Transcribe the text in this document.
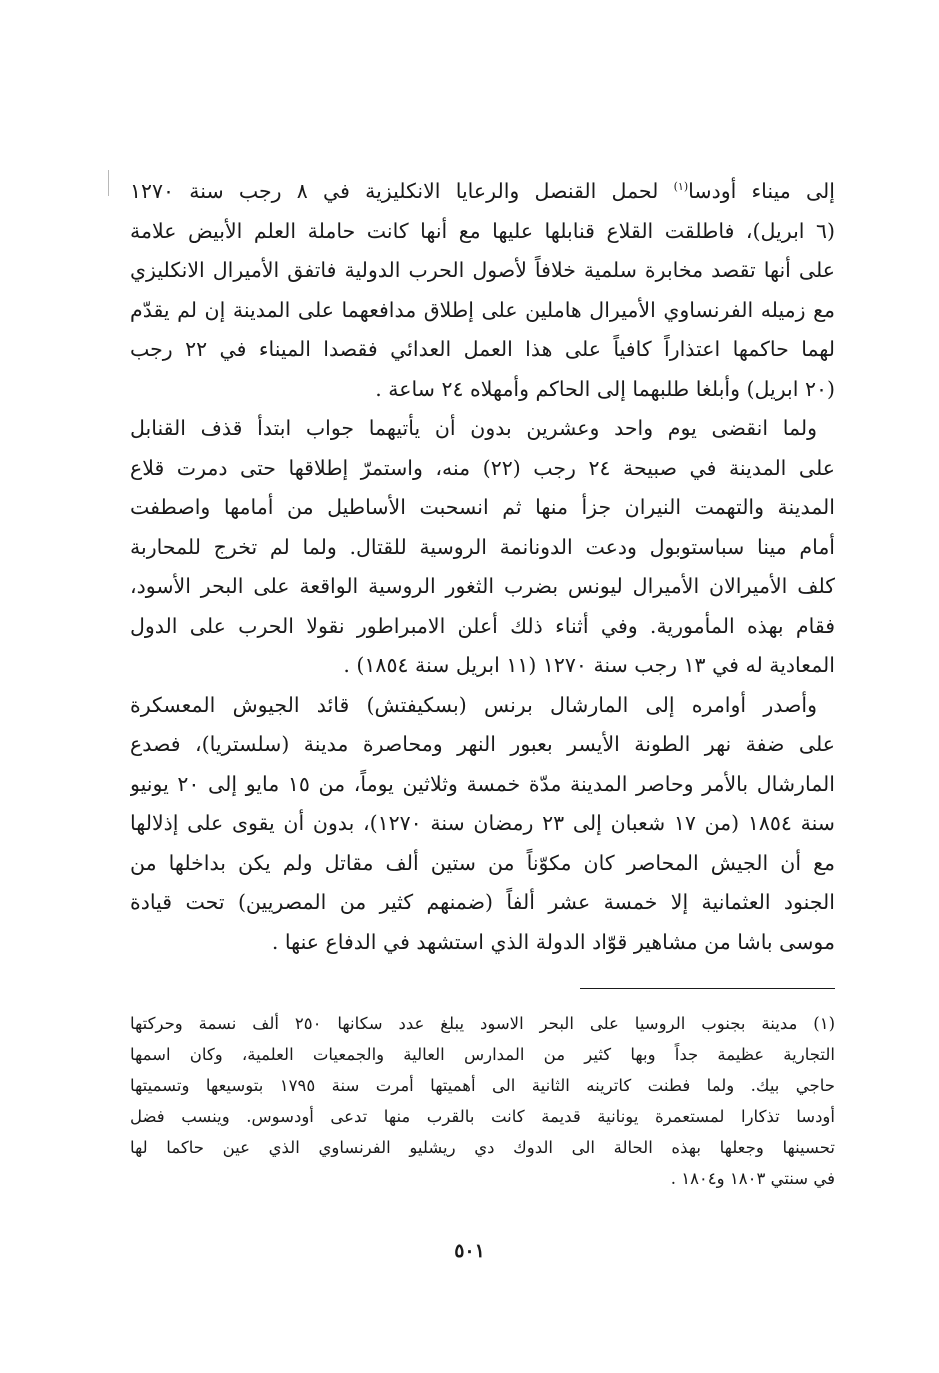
إلى ميناء أودسا$^{(١)}$ لحمل القنصل والرعايا الانكليزية في ٨ رجب سنة ١٢٧٠
(٦ ابريل)، فاطلقت القلاع قنابلها عليها مع أنها كانت حاملة العلم الأبيض علامة
على أنها تقصد مخابرة سلمية خلافاً لأصول الحرب الدولية فاتفق الأميرال الانكليزي
مع زميله الفرنساوي الأميرال هاملين على إطلاق مدافعهما على المدينة إن لم يقدّم
لهما حاكمها اعتذاراً كافياً على هذا العمل العدائي فقصدا الميناء في ٢٢ رجب
(٢٠ ابريل) وأبلغا طلبهما إلى الحاكم وأمهلاه ٢٤ ساعة .
ولما انقضى يوم واحد وعشرين بدون أن يأتيهما جواب ابتدأ قذف القنابل
على المدينة في صبيحة ٢٤ رجب (٢٢) منه، واستمرّ إطلاقها حتى دمرت قلاع
المدينة والتهمت النيران جزأ منها ثم انسحبت الأساطيل من أمامها واصطفت
أمام مينا سباستوبول ودعت الدونانمة الروسية للقتال. ولما لم تخرج للمحاربة
كلف الأميرالان الأميرال ليونس بضرب الثغور الروسية الواقعة على البحر الأسود،
فقام بهذه المأمورية. وفي أثناء ذلك أعلن الامبراطور نقولا الحرب على الدول
المعادية له في ١٣ رجب سنة ١٢٧٠ (١١ ابريل سنة ١٨٥٤) .
وأصدر أوامره إلى المارشال برنس (بسكيفتش) قائد الجيوش المعسكرة
على ضفة نهر الطونة الأيسر بعبور النهر ومحاصرة مدينة (سلستريا)، فصدع
المارشال بالأمر وحاصر المدينة مدّة خمسة وثلاثين يوماً، من ١٥ مايو إلى ٢٠ يونيو
سنة ١٨٥٤ (من ١٧ شعبان إلى ٢٣ رمضان سنة ١٢٧٠)، بدون أن يقوى على إذلالها
مع أن الجيش المحاصر كان مكوّناً من ستين ألف مقاتل ولم يكن بداخلها من
الجنود العثمانية إلا خمسة عشر ألفاً (ضمنهم كثير من المصريين) تحت قيادة
موسى باشا من مشاهير قوّاد الدولة الذي استشهد في الدفاع عنها .
(١) مدينة بجنوب الروسيا على البحر الاسود يبلغ عدد سكانها ٢٥٠ ألف نسمة وحركتها
التجارية عظيمة جداً وبها كثير من المدارس العالية والجمعيات العلمية، وكان اسمها
حاجي بيك. ولما فطنت كاترينه الثانية الى أهميتها أمرت سنة ١٧٩٥ بتوسيعها وتسميتها
أودسا تذكارا لمستعمرة يونانية قديمة كانت بالقرب منها تدعى أودسوس. وينسب فضل
تحسينها وجعلها بهذه الحالة الى الدوك دي ريشليو الفرنساوي الذي عين حاكما لها
في سنتي ١٨٠٣ و١٨٠٤ .
٥٠١
